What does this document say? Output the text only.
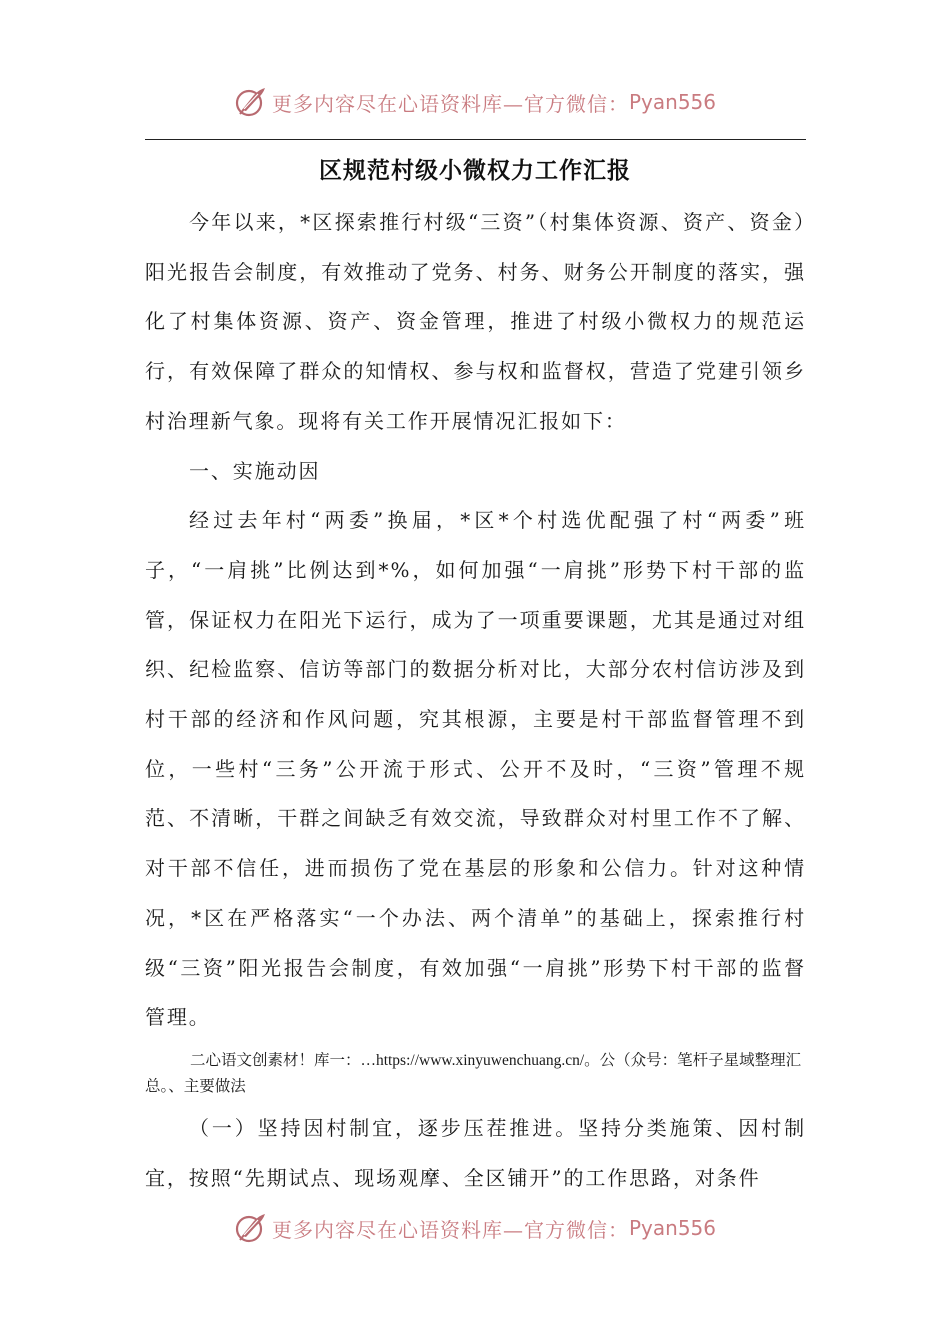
更多内容尽在心语资料库—官方微信： Pyan556
区规范村级小微权力工作汇报

今年以来，*区探索推行村级“三资”（村集体资源、资产、资金）阳光报告会制度，有效推动了党务、村务、财务公开制度的落实，强化了村集体资源、资产、资金管理，推进了村级小微权力的规范运行，有效保障了群众的知情权、参与权和监督权，营造了党建引领乡村治理新气象。现将有关工作开展情况汇报如下：

一、实施动因

经过去年村“两委”换届，*区*个村选优配强了村“两委”班子，“一肩挑”比例达到*%，如何加强“一肩挑”形势下村干部的监管，保证权力在阳光下运行，成为了一项重要课题，尤其是通过对组织、纪检监察、信访等部门的数据分析对比，大部分农村信访涉及到村干部的经济和作风问题，究其根源，主要是村干部监督管理不到位，一些村“三务”公开流于形式、公开不及时，“三资”管理不规范、不清晰，干群之间缺乏有效交流，导致群众对村里工作不了解、对干部不信任，进而损伤了党在基层的形象和公信力。针对这种情况，*区在严格落实“一个办法、两个清单”的基础上，探索推行村级“三资”阳光报告会制度，有效加强“一肩挑”形势下村干部的监督管理。

二心语文创素材！库一：…https://www.xinyuwenchuang.cn/。公（众号：笔杆子星域整理汇总。、主要做法

（一）坚持因村制宜，逐步压茬推进。坚持分类施策、因村制宜，按照“先期试点、现场观摩、全区铺开”的工作思路，对条件

更多内容尽在心语资料库—官方微信： Pyan556
